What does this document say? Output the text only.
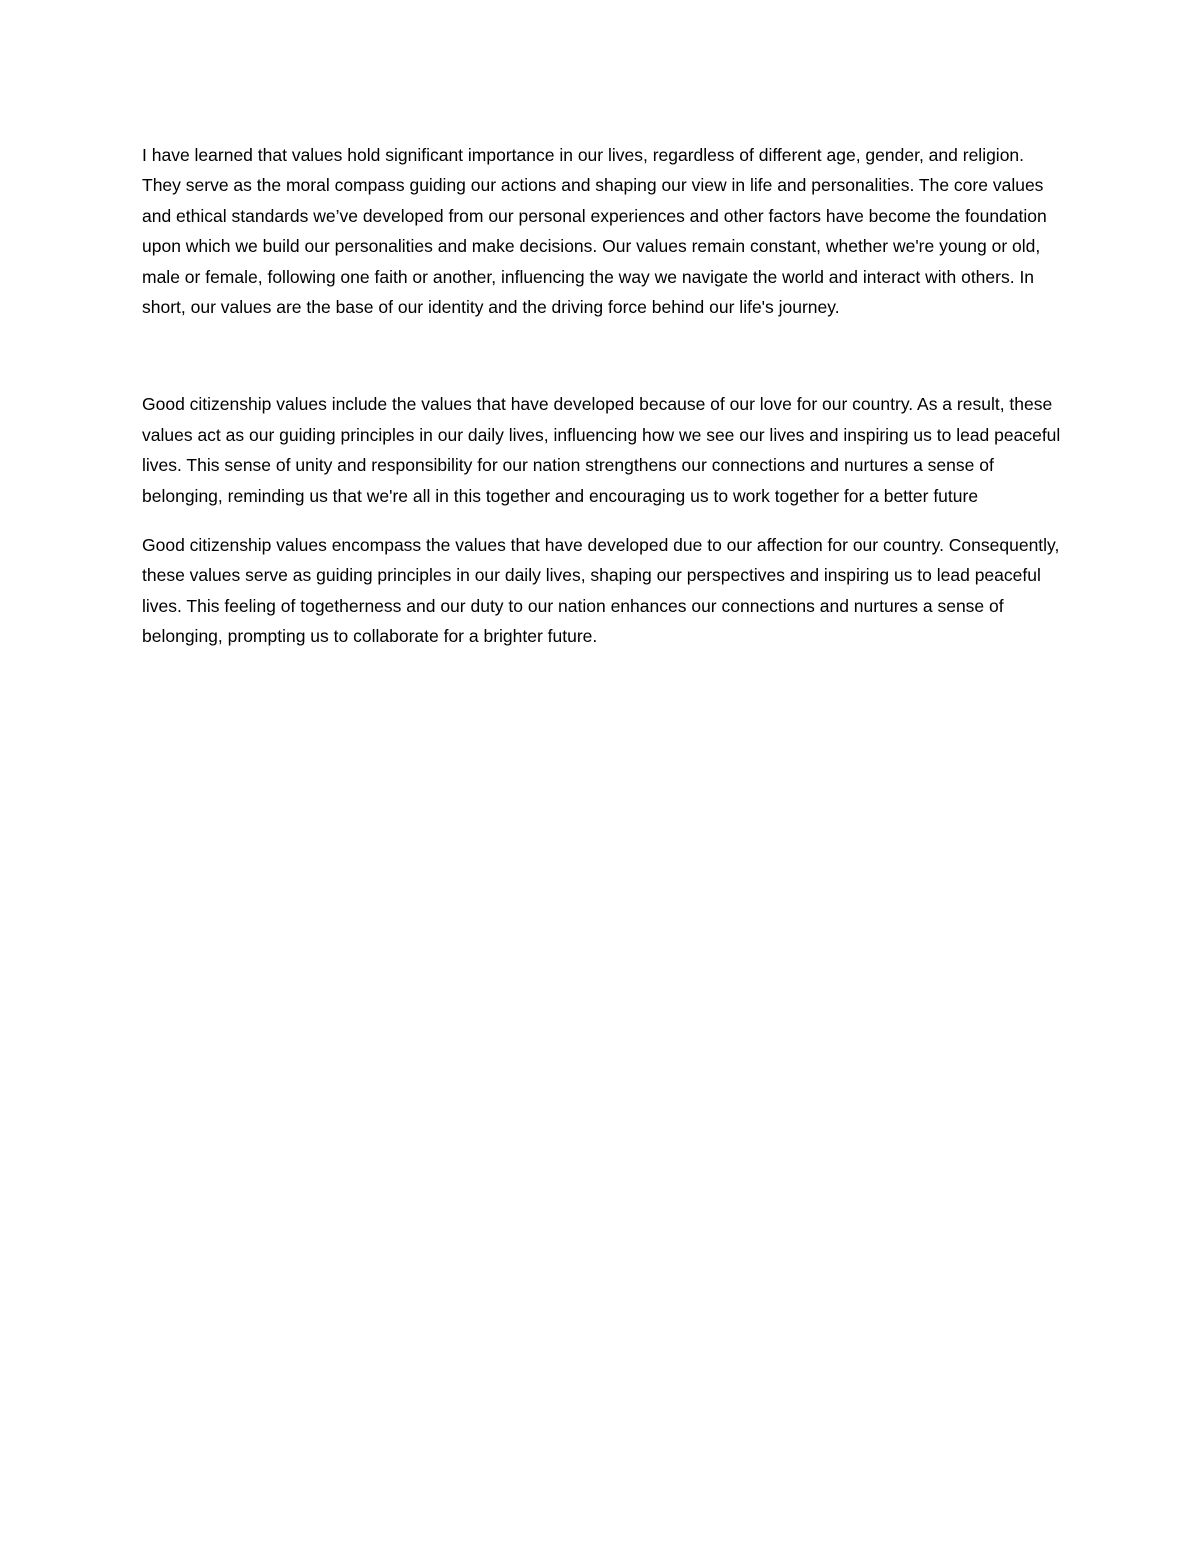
I have learned that values hold significant importance in our lives, regardless of different age, gender, and religion. They serve as the moral compass guiding our actions and shaping our view in life and personalities. The core values and ethical standards we’ve developed from our personal experiences and other factors have become the foundation upon which we build our personalities and make decisions. Our values remain constant, whether we're young or old, male or female, following one faith or another, influencing the way we navigate the world and interact with others. In short, our values are the base of our identity and the driving force behind our life's journey.

Good citizenship values include the values that have developed because of our love for our country. As a result, these values act as our guiding principles in our daily lives, influencing how we see our lives and inspiring us to lead peaceful lives. This sense of unity and responsibility for our nation strengthens our connections and nurtures a sense of belonging, reminding us that we're all in this together and encouraging us to work together for a better future

Good citizenship values encompass the values that have developed due to our affection for our country. Consequently, these values serve as guiding principles in our daily lives, shaping our perspectives and inspiring us to lead peaceful lives. This feeling of togetherness and our duty to our nation enhances our connections and nurtures a sense of belonging, prompting us to collaborate for a brighter future.
